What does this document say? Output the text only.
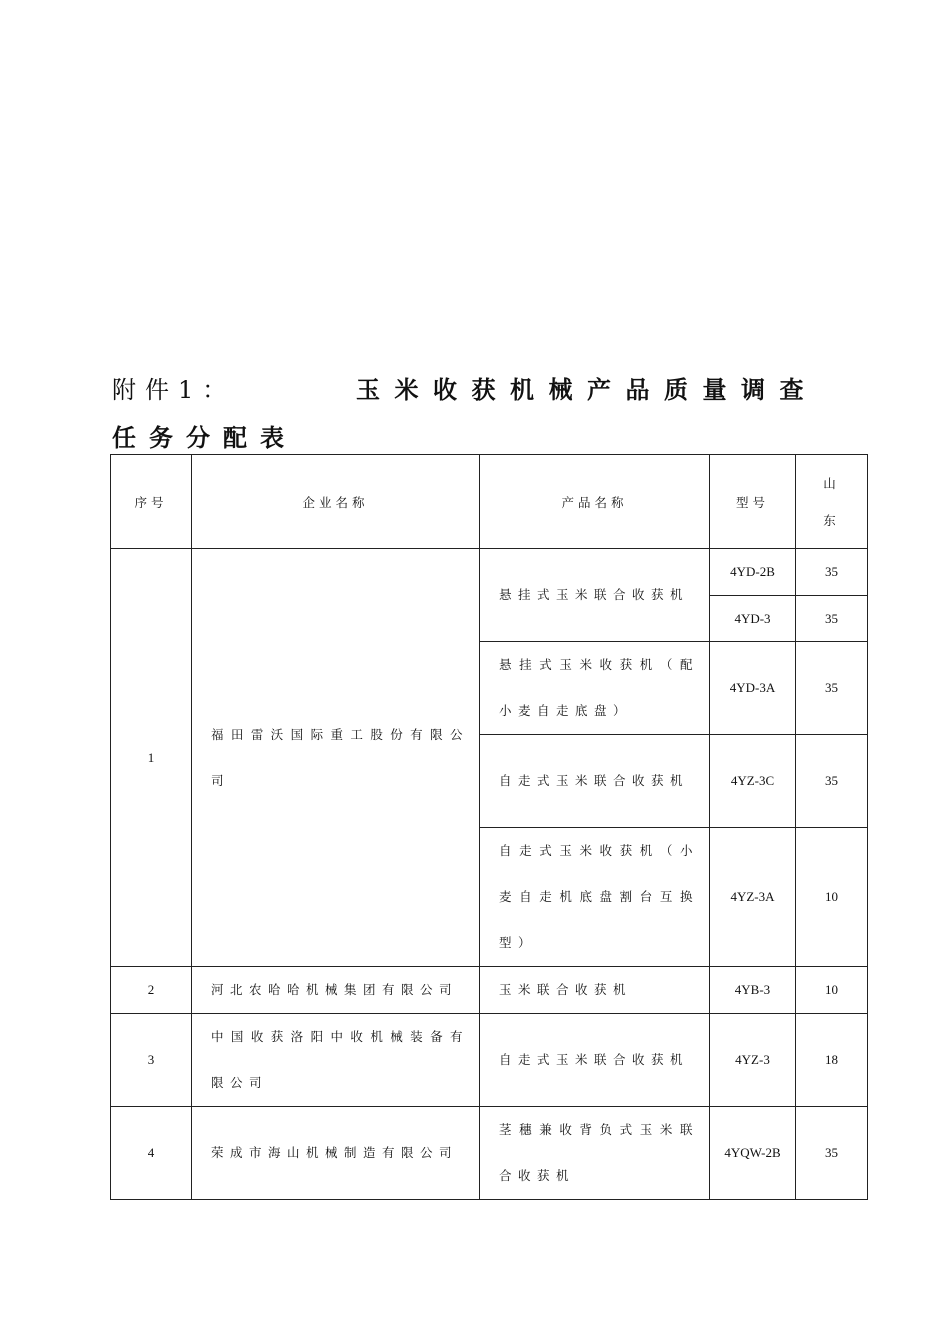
附件1：	玉米收获机械产品质量调查
任务分配表
序号	企业名称	产品名称	型号	山
东

1	福田雷沃国际重工股份有限公司	悬挂式玉米联合收获机	4YD-2B	35
			4YD-3	35
		悬挂式玉米收获机（配小麦自走底盘）	4YD-3A	35
		自走式玉米联合收获机	4YZ-3C	35
		自走式玉米收获机（小麦自走机底盘割台互换型）	4YZ-3A	10

2	河北农哈哈机械集团有限公司	玉米联合收获机	4YB-3	10
3	中国收获洛阳中收机械装备有限公司	自走式玉米联合收获机	4YZ-3	18
4	荣成市海山机械制造有限公司	茎穗兼收背负式玉米联合收获机	4YQW-2B	35
